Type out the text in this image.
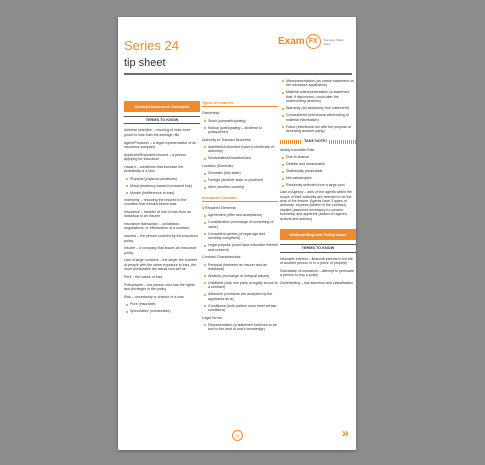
Series 24
tip sheet
Exam FX	Success Starts Here
General Insurance Concepts
TERMS TO KNOW
Adverse selection – insuring of risks more prone to loss than the average risk
Agent/Producer – a legal representative of an insurance company
Applicant/Proposed Insured – a person applying for insurance
Hazard – conditions that increase the probability of a loss
Physical (physical conditions)
Moral (tendency toward increased risk)
Morale (indifference to loss)
Indemnity – restoring the insured to the condition that existed before loss
Insurance – transfer of risk of loss from an individual to an insurer
Insurance transaction – solicitation, negotiations, or effectuation of a contract
Insured – the person covered by the insurance policy
Insurer – a company that issues an insurance policy
Law of large numbers – the larger the number of people with the same exposure to loss, the more predictable the actual loss will be
Peril – the cause of loss
Policyowner – the person who has the rights and privileges in the policy
Risk – uncertainty or chance of a loss
Pure (insurable)
Speculative (uninsurable)
Types of Insurers
Ownership:
Stock (nonparticipating)
Mutual (participating – dividend to policyowner)
Authority to Transact Business:
Admitted/Authorized (have a certificate of authority)
Nonadmitted/Unauthorized
Location (Domicile):
Domestic (this state)
Foreign (another state or province)
Alien (another country)
Insurance Contract
4 Required Elements:
Agreement (offer and acceptance)
Consideration (exchange of something of value)
Competent parties (of legal age and mentally competent)
Legal purpose (must have insurable interest and consent)
Contract Characteristics:
Personal (between an insurer and an individual)
Aleatory (exchange of unequal values)
Unilateral (only one party is legally bound to a contract)
Adhesion (contracts are accepted by the applicants as is)
Conditional (both parties must meet certain conditions)
Legal Terms:
Representation (a statement believed to be true to the best of one's knowledge)
Misrepresentation (an untrue statement on the insurance application)
Material misrepresentation (a statement that, if discovered, could alter the underwriting decision)
Warranty (an absolutely true statement)
Concealment (intentional withholding of material information)
Fraud (intentional act with the purpose of deceiving another party)
TAKE NOTE!
Ideally Insurable Risk:
Due to chance
Definite and measurable
Statistically predictable
Not catastrophic
Randomly selected from a large pool
Law of Agency – acts of the agents within the scope of their authority are deemed to be the acts of the insurer. Agents have 3 types of authority: express (written in the contract), implied (assumed necessary to conduct business) and apparent (based on agent's actions and actions)
Underwriting and Policy Issue
TERMS TO KNOW
Insurable interest – financial interest in the life of another person or in a piece of property
Solicitation of insurance – attempt to persuade a person to buy a policy
Underwriting – risk selection and classification
01	»
